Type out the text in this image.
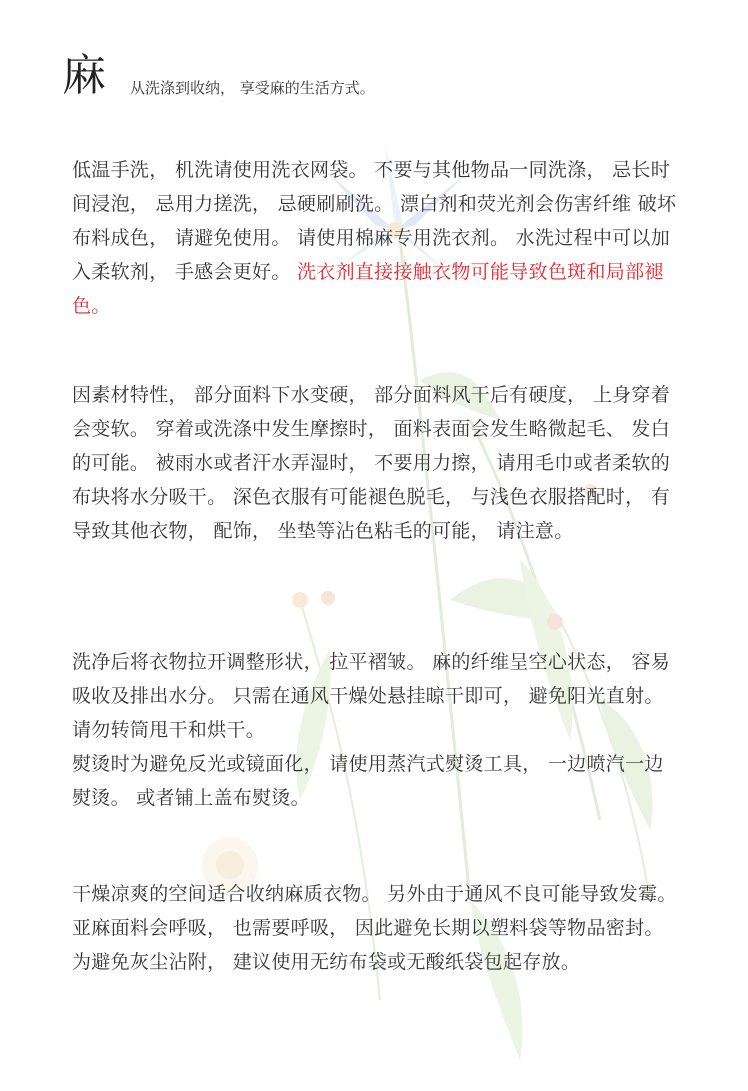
麻 从洗涤到收纳， 享受麻的生活方式。
低温手洗， 机洗请使用洗衣网袋。 不要与其他物品一同洗涤， 忌长时间浸泡， 忌用力搓洗， 忌硬刷刷洗。 漂白剂和荧光剂会伤害纤维 破坏布料成色， 请避免使用。 请使用棉麻专用洗衣剂。 水洗过程中可以加入柔软剂， 手感会更好。 洗衣剂直接接触衣物可能导致色斑和局部褪色。
因素材特性， 部分面料下水变硬， 部分面料风干后有硬度， 上身穿着会变软。 穿着或洗涤中发生摩擦时， 面料表面会发生略微起毛、 发白的可能。 被雨水或者汗水弄湿时， 不要用力擦， 请用毛巾或者柔软的布块将水分吸干。 深色衣服有可能褪色脱毛， 与浅色衣服搭配时， 有导致其他衣物， 配饰， 坐垫等沾色粘毛的可能， 请注意。
洗净后将衣物拉开调整形状， 拉平褶皱。 麻的纤维呈空心状态， 容易吸收及排出水分。 只需在通风干燥处悬挂晾干即可， 避免阳光直射。 请勿转筒甩干和烘干。
熨烫时为避免反光或镜面化， 请使用蒸汽式熨烫工具， 一边喷汽一边熨烫。 或者铺上盖布熨烫。
干燥凉爽的空间适合收纳麻质衣物。 另外由于通风不良可能导致发霉。 亚麻面料会呼吸， 也需要呼吸， 因此避免长期以塑料袋等物品密封。 为避免灰尘沾附， 建议使用无纺布袋或无酸纸袋包起存放。
